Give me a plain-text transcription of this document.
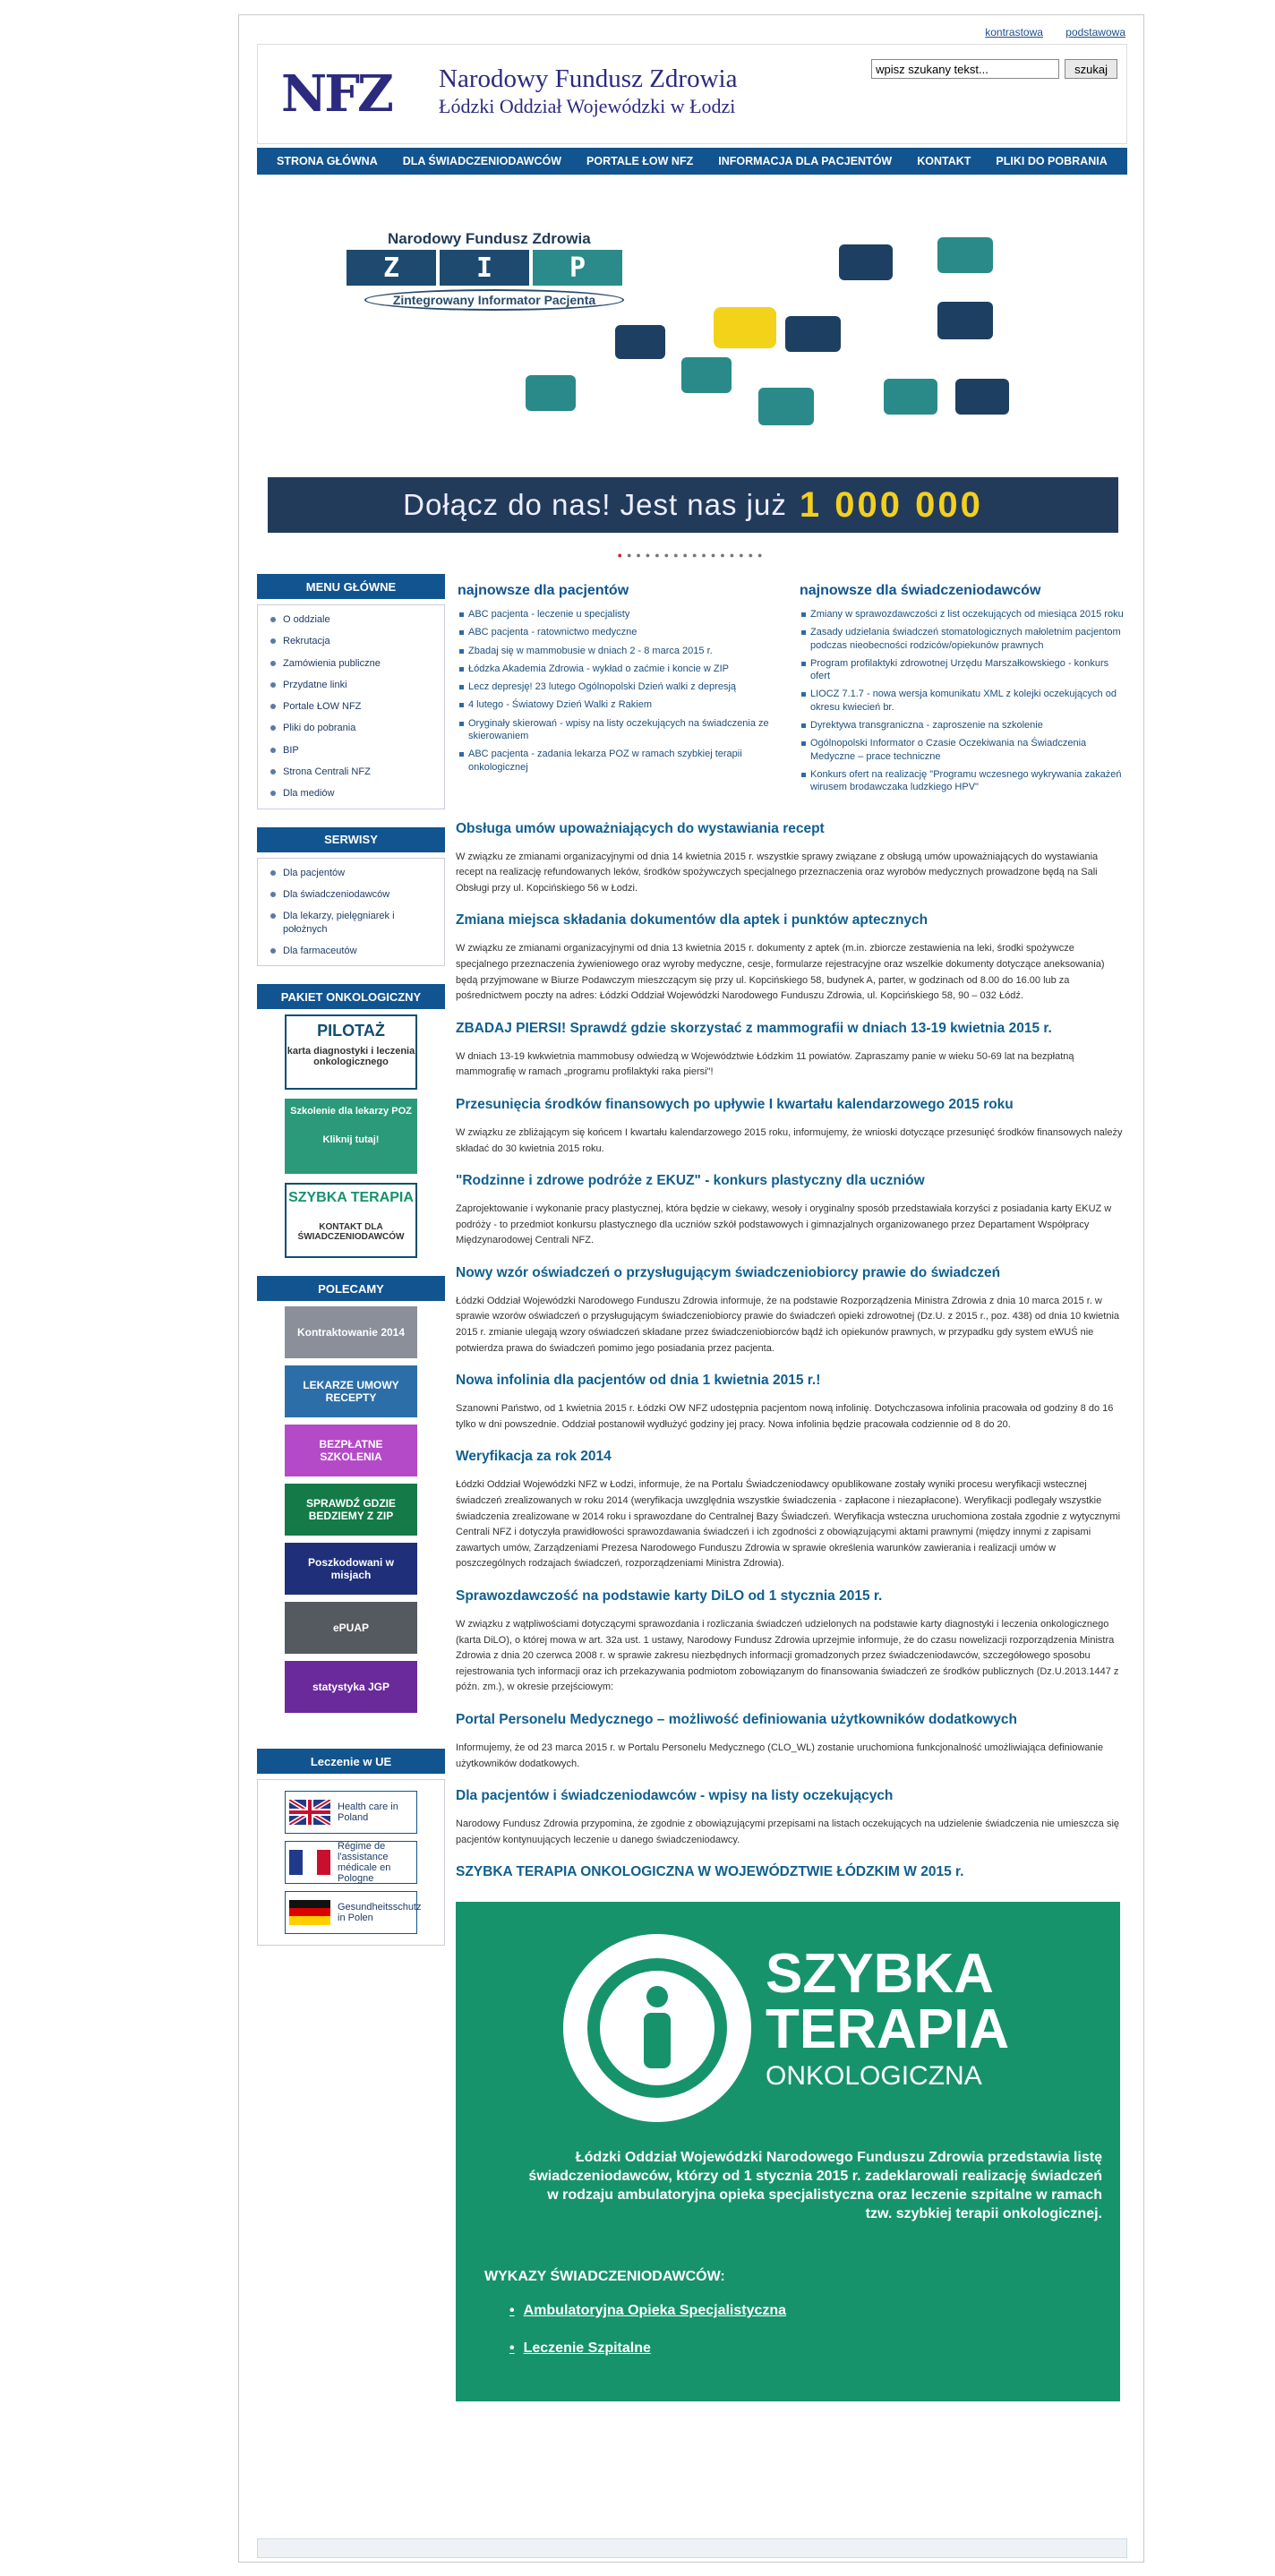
kontrastowa podstawowa
NFZ Narodowy Fundusz Zdrowia
Łódzki Oddział Wojewódzki w Łodzi
wpisz szukany tekst...
szukaj
STRONA GŁÓWNA	DLA ŚWIADCZENIODAWCÓW	PORTALE ŁOW NFZ	INFORMACJA DLA PACJENTÓW	KONTAKT	PLIKI DO POBRANIA
Narodowy Fundusz Zdrowia
Z	I	P
Zintegrowany Informator Pacjenta
Dołącz do nas! Jest nas już 1 000 000
●●●●●●●●●●●●●●●●
MENU GŁÓWNE
O oddziale
Rekrutacja
Zamówienia publiczne
Przydatne linki
Portale ŁOW NFZ
Pliki do pobrania
BIP
Strona Centrali NFZ
Dla mediów
SERWISY
Dla pacjentów
Dla świadczeniodawców
Dla lekarzy, pielęgniarek i położnych
Dla farmaceutów
PAKIET ONKOLOGICZNY
PILOTAŻ
karta diagnostyki i leczenia onkologicznego
Szkolenie dla lekarzy POZ
Kliknij tutaj!
SZYBKA TERAPIA
KONTAKT DLA ŚWIADCZENIODAWCÓW
POLECAMY
Kontraktowanie 2014
LEKARZE UMOWY RECEPTY
BEZPŁATNE SZKOLENIA
SPRAWDŹ GDZIE BEDZIEMY Z ZIP
Poszkodowani w misjach
ePUAP
statystyka JGP
Leczenie w UE
Health care in Poland
Régime de l'assistance médicale en Pologne
Gesundheitsschutz in Polen
najnowsze dla pacjentów
ABC pacjenta - leczenie u specjalisty
ABC pacjenta - ratownictwo medyczne
Zbadaj się w mammobusie w dniach 2 - 8 marca 2015 r.
Łódzka Akademia Zdrowia - wykład o zaćmie i koncie w ZIP
Lecz depresję! 23 lutego Ogólnopolski Dzień walki z depresją
4 lutego - Światowy Dzień Walki z Rakiem
Oryginały skierowań - wpisy na listy oczekujących na świadczenia ze skierowaniem
ABC pacjenta - zadania lekarza POZ w ramach szybkiej terapii onkologicznej
najnowsze dla świadczeniodawców
Zmiany w sprawozdawczości z list oczekujących od miesiąca 2015 roku
Zasady udzielania świadczeń stomatologicznych małoletnim pacjentom podczas nieobecności rodziców/opiekunów prawnych
Program profilaktyki zdrowotnej Urzędu Marszałkowskiego - konkurs ofert
LIOCZ 7.1.7 - nowa wersja komunikatu XML z kolejki oczekujących od okresu kwiecień br.
Dyrektywa transgraniczna - zaproszenie na szkolenie
Ogólnopolski Informator o Czasie Oczekiwania na Świadczenia Medyczne – prace techniczne
Konkurs ofert na realizację "Programu wczesnego wykrywania zakażeń wirusem brodawczaka ludzkiego HPV"
Obsługa umów upoważniających do wystawiania recept

W związku ze zmianami organizacyjnymi od dnia 14 kwietnia 2015 r. wszystkie sprawy związane z obsługą umów upoważniających do wystawiania recept na realizację refundowanych leków, środków spożywczych specjalnego przeznaczenia oraz wyrobów medycznych prowadzone będą na Sali Obsługi przy ul. Kopcińskiego 56 w Łodzi.

Zmiana miejsca składania dokumentów dla aptek i punktów aptecznych

W związku ze zmianami organizacyjnymi od dnia 13 kwietnia 2015 r. dokumenty z aptek (m.in. zbiorcze zestawienia na leki, środki spożywcze specjalnego przeznaczenia żywieniowego oraz wyroby medyczne, cesje, formularze rejestracyjne oraz wszelkie dokumenty dotyczące aneksowania) będą przyjmowane w Biurze Podawczym mieszczącym się przy ul. Kopcińskiego 58, budynek A, parter, w godzinach od 8.00 do 16.00 lub za pośrednictwem poczty na adres: Łódzki Oddział Wojewódzki Narodowego Funduszu Zdrowia, ul. Kopcińskiego 58, 90 – 032 Łódź.

ZBADAJ PIERSI! Sprawdź gdzie skorzystać z mammografii w dniach 13-19 kwietnia 2015 r.

W dniach 13-19 kwkwietnia mammobusy odwiedzą w Województwie Łódzkim 11 powiatów. Zapraszamy panie w wieku 50-69 lat na bezpłatną mammografię w ramach „programu profilaktyki raka piersi"!

Przesunięcia środków finansowych po upływie I kwartału kalendarzowego 2015 roku

W związku ze zbliżającym się końcem I kwartału kalendarzowego 2015 roku, informujemy, że wnioski dotyczące przesunięć środków finansowych należy składać do 30 kwietnia 2015 roku.

"Rodzinne i zdrowe podróże z EKUZ" - konkurs plastyczny dla uczniów

Zaprojektowanie i wykonanie pracy plastycznej, która będzie w ciekawy, wesoły i oryginalny sposób przedstawiała korzyści z posiadania karty EKUZ w podróży - to przedmiot konkursu plastycznego dla uczniów szkół podstawowych i gimnazjalnych organizowanego przez Departament Współpracy Międzynarodowej Centrali NFZ.

Nowy wzór oświadczeń o przysługującym świadczeniobiorcy prawie do świadczeń

Łódzki Oddział Wojewódzki Narodowego Funduszu Zdrowia informuje, że na podstawie Rozporządzenia Ministra Zdrowia z dnia 10 marca 2015 r. w sprawie wzorów oświadczeń o przysługującym świadczeniobiorcy prawie do świadczeń opieki zdrowotnej (Dz.U. z 2015 r., poz. 438) od dnia 10 kwietnia 2015 r. zmianie ulegają wzory oświadczeń składane przez świadczeniobiorców bądź ich opiekunów prawnych, w przypadku gdy system eWUŚ nie potwierdza prawa do świadczeń pomimo jego posiadania przez pacjenta.

Nowa infolinia dla pacjentów od dnia 1 kwietnia 2015 r.!

Szanowni Państwo, od 1 kwietnia 2015 r. Łódzki OW NFZ udostępnia pacjentom nową infolinię. Dotychczasowa infolinia pracowała od godziny 8 do 16 tylko w dni powszednie. Oddział postanowił wydłużyć godziny jej pracy. Nowa infolinia będzie pracowała codziennie od 8 do 20.

Weryfikacja za rok 2014

Łódzki Oddział Wojewódzki NFZ w Łodzi, informuje, że na Portalu Świadczeniodawcy opublikowane zostały wyniki procesu weryfikacji wstecznej świadczeń zrealizowanych w roku 2014 (weryfikacja uwzględnia wszystkie świadczenia - zapłacone i niezapłacone). Weryfikacji podlegały wszystkie świadczenia zrealizowane w 2014 roku i sprawozdane do Centralnej Bazy Świadczeń. Weryfikacja wsteczna uruchomiona została zgodnie z wytycznymi Centrali NFZ i dotyczyła prawidłowości sprawozdawania świadczeń i ich zgodności z obowiązującymi aktami prawnymi (między innymi z zapisami zawartych umów, Zarządzeniami Prezesa Narodowego Funduszu Zdrowia w sprawie określenia warunków zawierania i realizacji umów w poszczególnych rodzajach świadczeń, rozporządzeniami Ministra Zdrowia).

Sprawozdawczość na podstawie karty DiLO od 1 stycznia 2015 r.

W związku z wątpliwościami dotyczącymi sprawozdania i rozliczania świadczeń udzielonych na podstawie karty diagnostyki i leczenia onkologicznego (karta DiLO), o której mowa w art. 32a ust. 1 ustawy, Narodowy Fundusz Zdrowia uprzejmie informuje, że do czasu nowelizacji rozporządzenia Ministra Zdrowia z dnia 20 czerwca 2008 r. w sprawie zakresu niezbędnych informacji gromadzonych przez świadczeniodawców, szczegółowego sposobu rejestrowania tych informacji oraz ich przekazywania podmiotom zobowiązanym do finansowania świadczeń ze środków publicznych (Dz.U.2013.1447 z późn. zm.), w okresie przejściowym:

Portal Personelu Medycznego – możliwość definiowania użytkowników dodatkowych

Informujemy, że od 23 marca 2015 r. w Portalu Personelu Medycznego (CLO_WL) zostanie uruchomiona funkcjonalność umożliwiająca definiowanie użytkowników dodatkowych.

Dla pacjentów i świadczeniodawców - wpisy na listy oczekujących

Narodowy Fundusz Zdrowia przypomina, że zgodnie z obowiązującymi przepisami na listach oczekujących na udzielenie świadczenia nie umieszcza się pacjentów kontynuujących leczenie u danego świadczeniodawcy.

SZYBKA TERAPIA ONKOLOGICZNA W WOJEWÓDZTWIE ŁÓDZKIM W 2015 r.
SZYBKA
TERAPIA
ONKOLOGICZNA
Łódzki Oddział Wojewódzki Narodowego Funduszu Zdrowia przedstawia listę świadczeniodawców, którzy od 1 stycznia 2015 r. zadeklarowali realizację świadczeń w rodzaju ambulatoryjna opieka specjalistyczna oraz leczenie szpitalne w ramach tzw. szybkiej terapii onkologicznej.
WYKAZY ŚWIADCZENIODAWCÓW:
• Ambulatoryjna Opieka Specjalistyczna
• Leczenie Szpitalne
